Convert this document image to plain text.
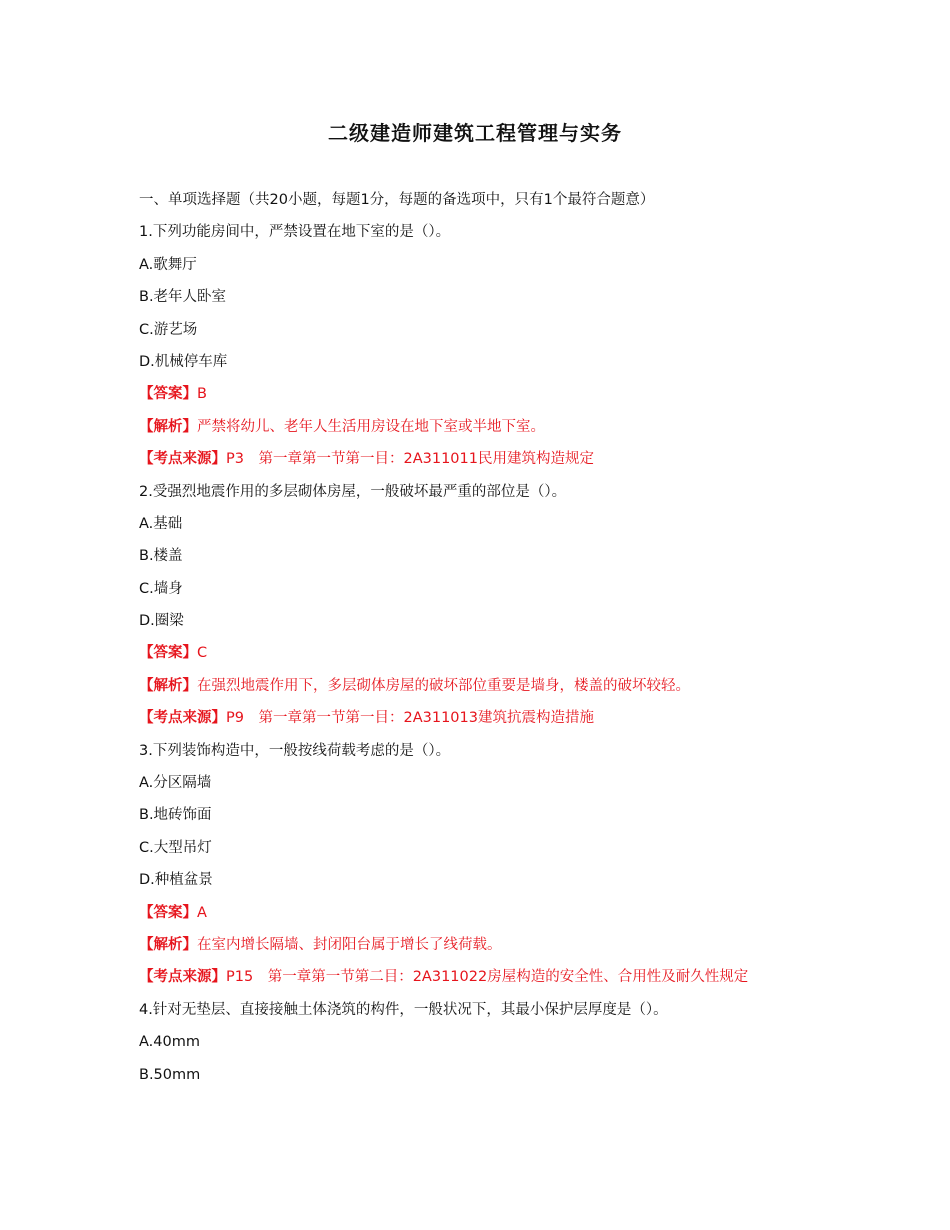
二级建造师建筑工程管理与实务
一、单项选择题（共20小题，每题1分，每题的备选项中，只有1个最符合题意）
1.下列功能房间中，严禁设置在地下室的是（）。
A.歌舞厅
B.老年人卧室
C.游艺场
D.机械停车库
【答案】B
【解析】严禁将幼儿、老年人生活用房设在地下室或半地下室。
【考点来源】P3　第一章第一节第一目：2A311011民用建筑构造规定
2.受强烈地震作用的多层砌体房屋，一般破坏最严重的部位是（）。
A.基础
B.楼盖
C.墙身
D.圈梁
【答案】C
【解析】在强烈地震作用下，多层砌体房屋的破坏部位重要是墙身，楼盖的破坏较轻。
【考点来源】P9　第一章第一节第一目：2A311013建筑抗震构造措施
3.下列装饰构造中，一般按线荷载考虑的是（）。
A.分区隔墙
B.地砖饰面
C.大型吊灯
D.种植盆景
【答案】A
【解析】在室内增长隔墙、封闭阳台属于增长了线荷载。
【考点来源】P15　第一章第一节第二目：2A311022房屋构造的安全性、合用性及耐久性规定
4.针对无垫层、直接接触土体浇筑的构件，一般状况下，其最小保护层厚度是（）。
A.40mm
B.50mm
